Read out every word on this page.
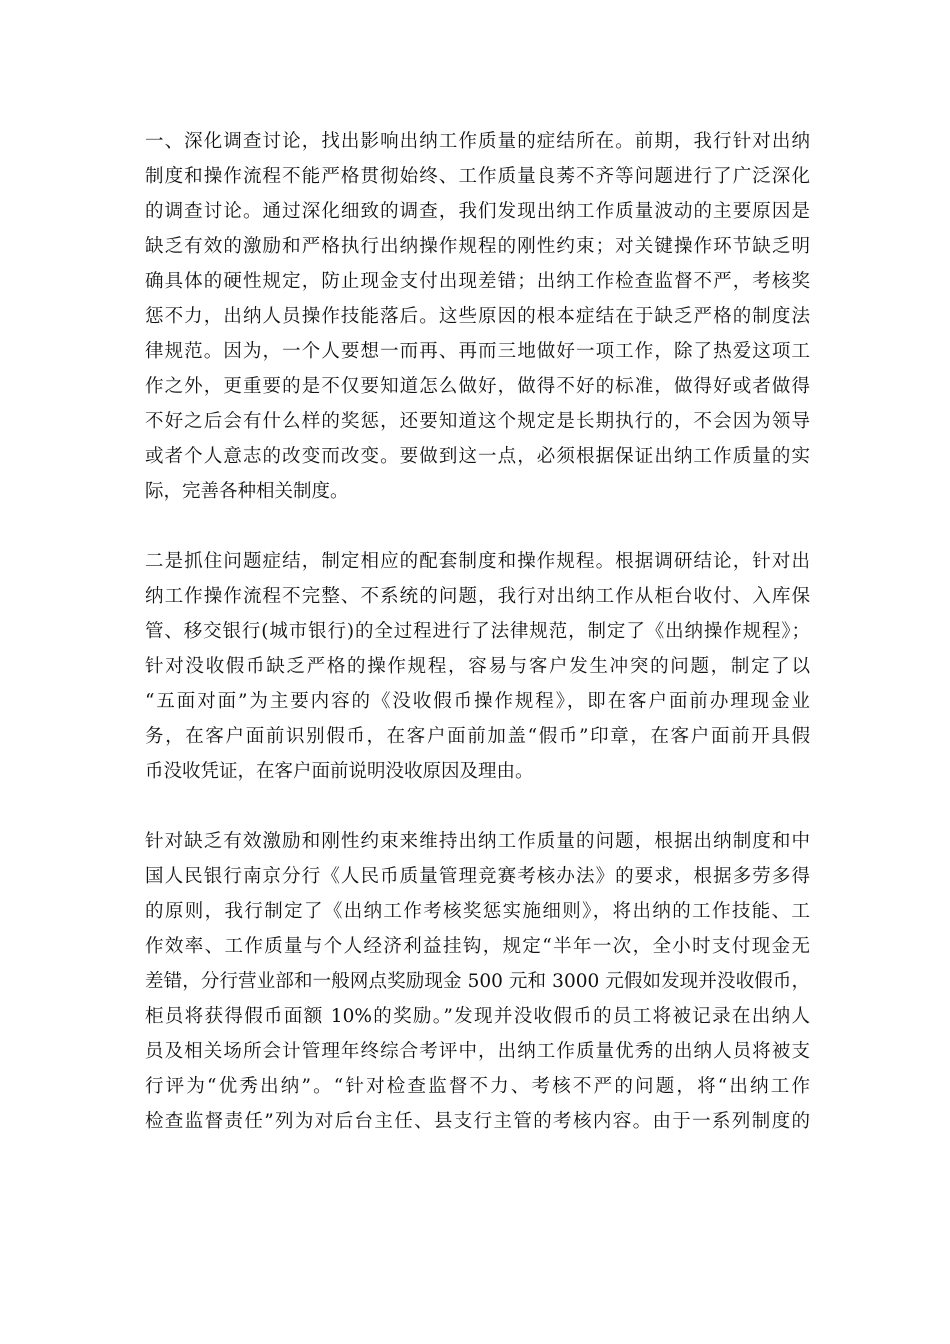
一、深化调查讨论，找出影响出纳工作质量的症结所在。前期，我行针对出纳
制度和操作流程不能严格贯彻始终、工作质量良莠不齐等问题进行了广泛深化
的调查讨论。通过深化细致的调查，我们发现出纳工作质量波动的主要原因是
缺乏有效的激励和严格执行出纳操作规程的刚性约束；对关键操作环节缺乏明
确具体的硬性规定，防止现金支付出现差错；出纳工作检查监督不严，考核奖
惩不力，出纳人员操作技能落后。这些原因的根本症结在于缺乏严格的制度法
律规范。因为，一个人要想一而再、再而三地做好一项工作，除了热爱这项工
作之外，更重要的是不仅要知道怎么做好，做得不好的标准，做得好或者做得
不好之后会有什么样的奖惩，还要知道这个规定是长期执行的，不会因为领导
或者个人意志的改变而改变。要做到这一点，必须根据保证出纳工作质量的实
际，完善各种相关制度。
二是抓住问题症结，制定相应的配套制度和操作规程。根据调研结论，针对出
纳工作操作流程不完整、不系统的问题，我行对出纳工作从柜台收付、入库保
管、移交银行(城市银行)的全过程进行了法律规范，制定了《出纳操作规程》；
针对没收假币缺乏严格的操作规程，容易与客户发生冲突的问题，制定了以
“五面对面”为主要内容的《没收假币操作规程》，即在客户面前办理现金业
务，在客户面前识别假币，在客户面前加盖“假币”印章，在客户面前开具假
币没收凭证，在客户面前说明没收原因及理由。
针对缺乏有效激励和刚性约束来维持出纳工作质量的问题，根据出纳制度和中
国人民银行南京分行《人民币质量管理竞赛考核办法》的要求，根据多劳多得
的原则，我行制定了《出纳工作考核奖惩实施细则》，将出纳的工作技能、工
作效率、工作质量与个人经济利益挂钩，规定“半年一次，全小时支付现金无
差错，分行营业部和一般网点奖励现金 500 元和 3000 元假如发现并没收假币，
柜员将获得假币面额 10%的奖励。”发现并没收假币的员工将被记录在出纳人
员及相关场所会计管理年终综合考评中，出纳工作质量优秀的出纳人员将被支
行评为“优秀出纳”。“针对检查监督不力、考核不严的问题，将“出纳工作
检查监督责任”列为对后台主任、县支行主管的考核内容。由于一系列制度的
